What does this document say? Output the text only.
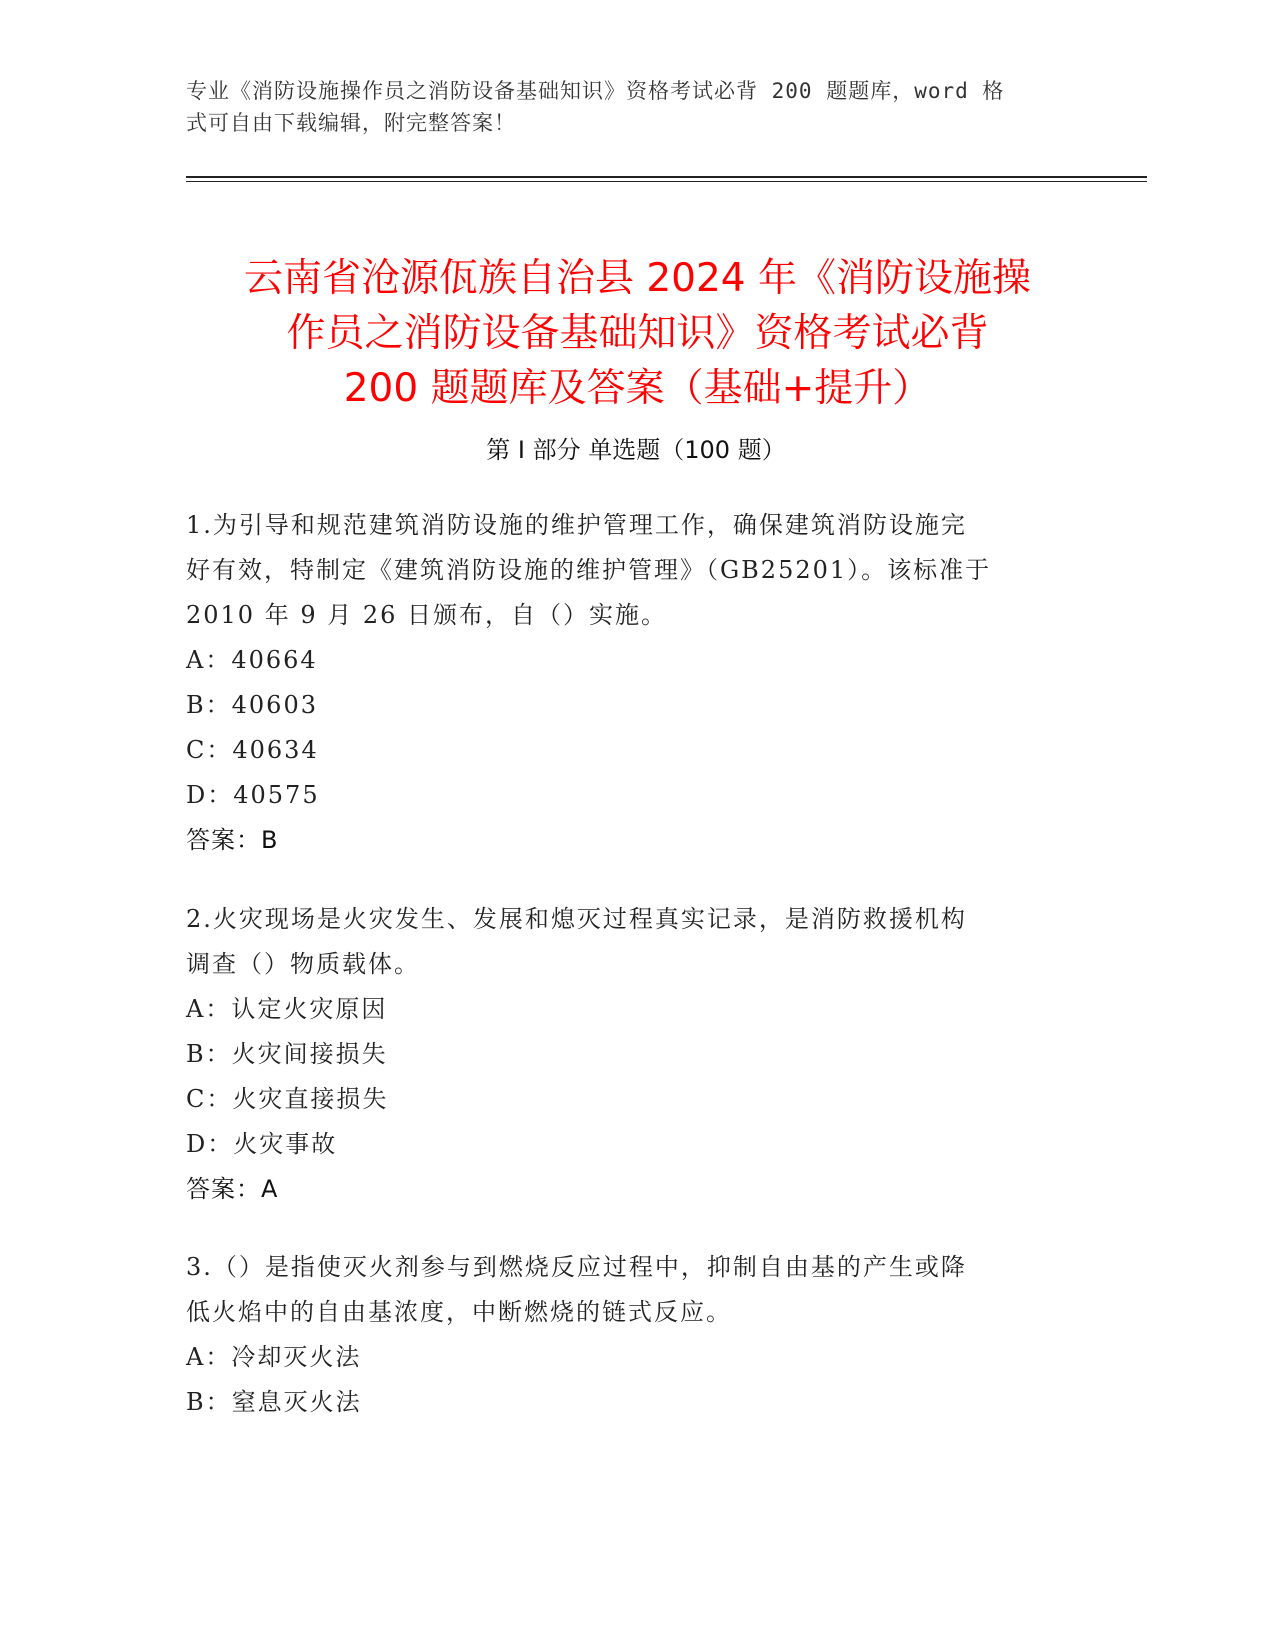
专业《消防设施操作员之消防设备基础知识》资格考试必背 200 题题库，word 格
式可自由下载编辑，附完整答案！
云南省沧源佤族自治县 2024 年《消防设施操
作员之消防设备基础知识》资格考试必背
200 题题库及答案（基础+提升）
第 I 部分 单选题（100 题）

1.为引导和规范建筑消防设施的维护管理工作，确保建筑消防设施完
好有效，特制定《建筑消防设施的维护管理》（GB25201）。该标准于
2010 年 9 月 26 日颁布，自（）实施。

A：40664
B：40603
C：40634
D：40575
答案：B

2.火灾现场是火灾发生、发展和熄灭过程真实记录，是消防救援机构
调查（）物质载体。

A：认定火灾原因
B：火灾间接损失
C：火灾直接损失
D：火灾事故
答案：A

3.（）是指使灭火剂参与到燃烧反应过程中，抑制自由基的产生或降
低火焰中的自由基浓度，中断燃烧的链式反应。

A：冷却灭火法
B：窒息灭火法
